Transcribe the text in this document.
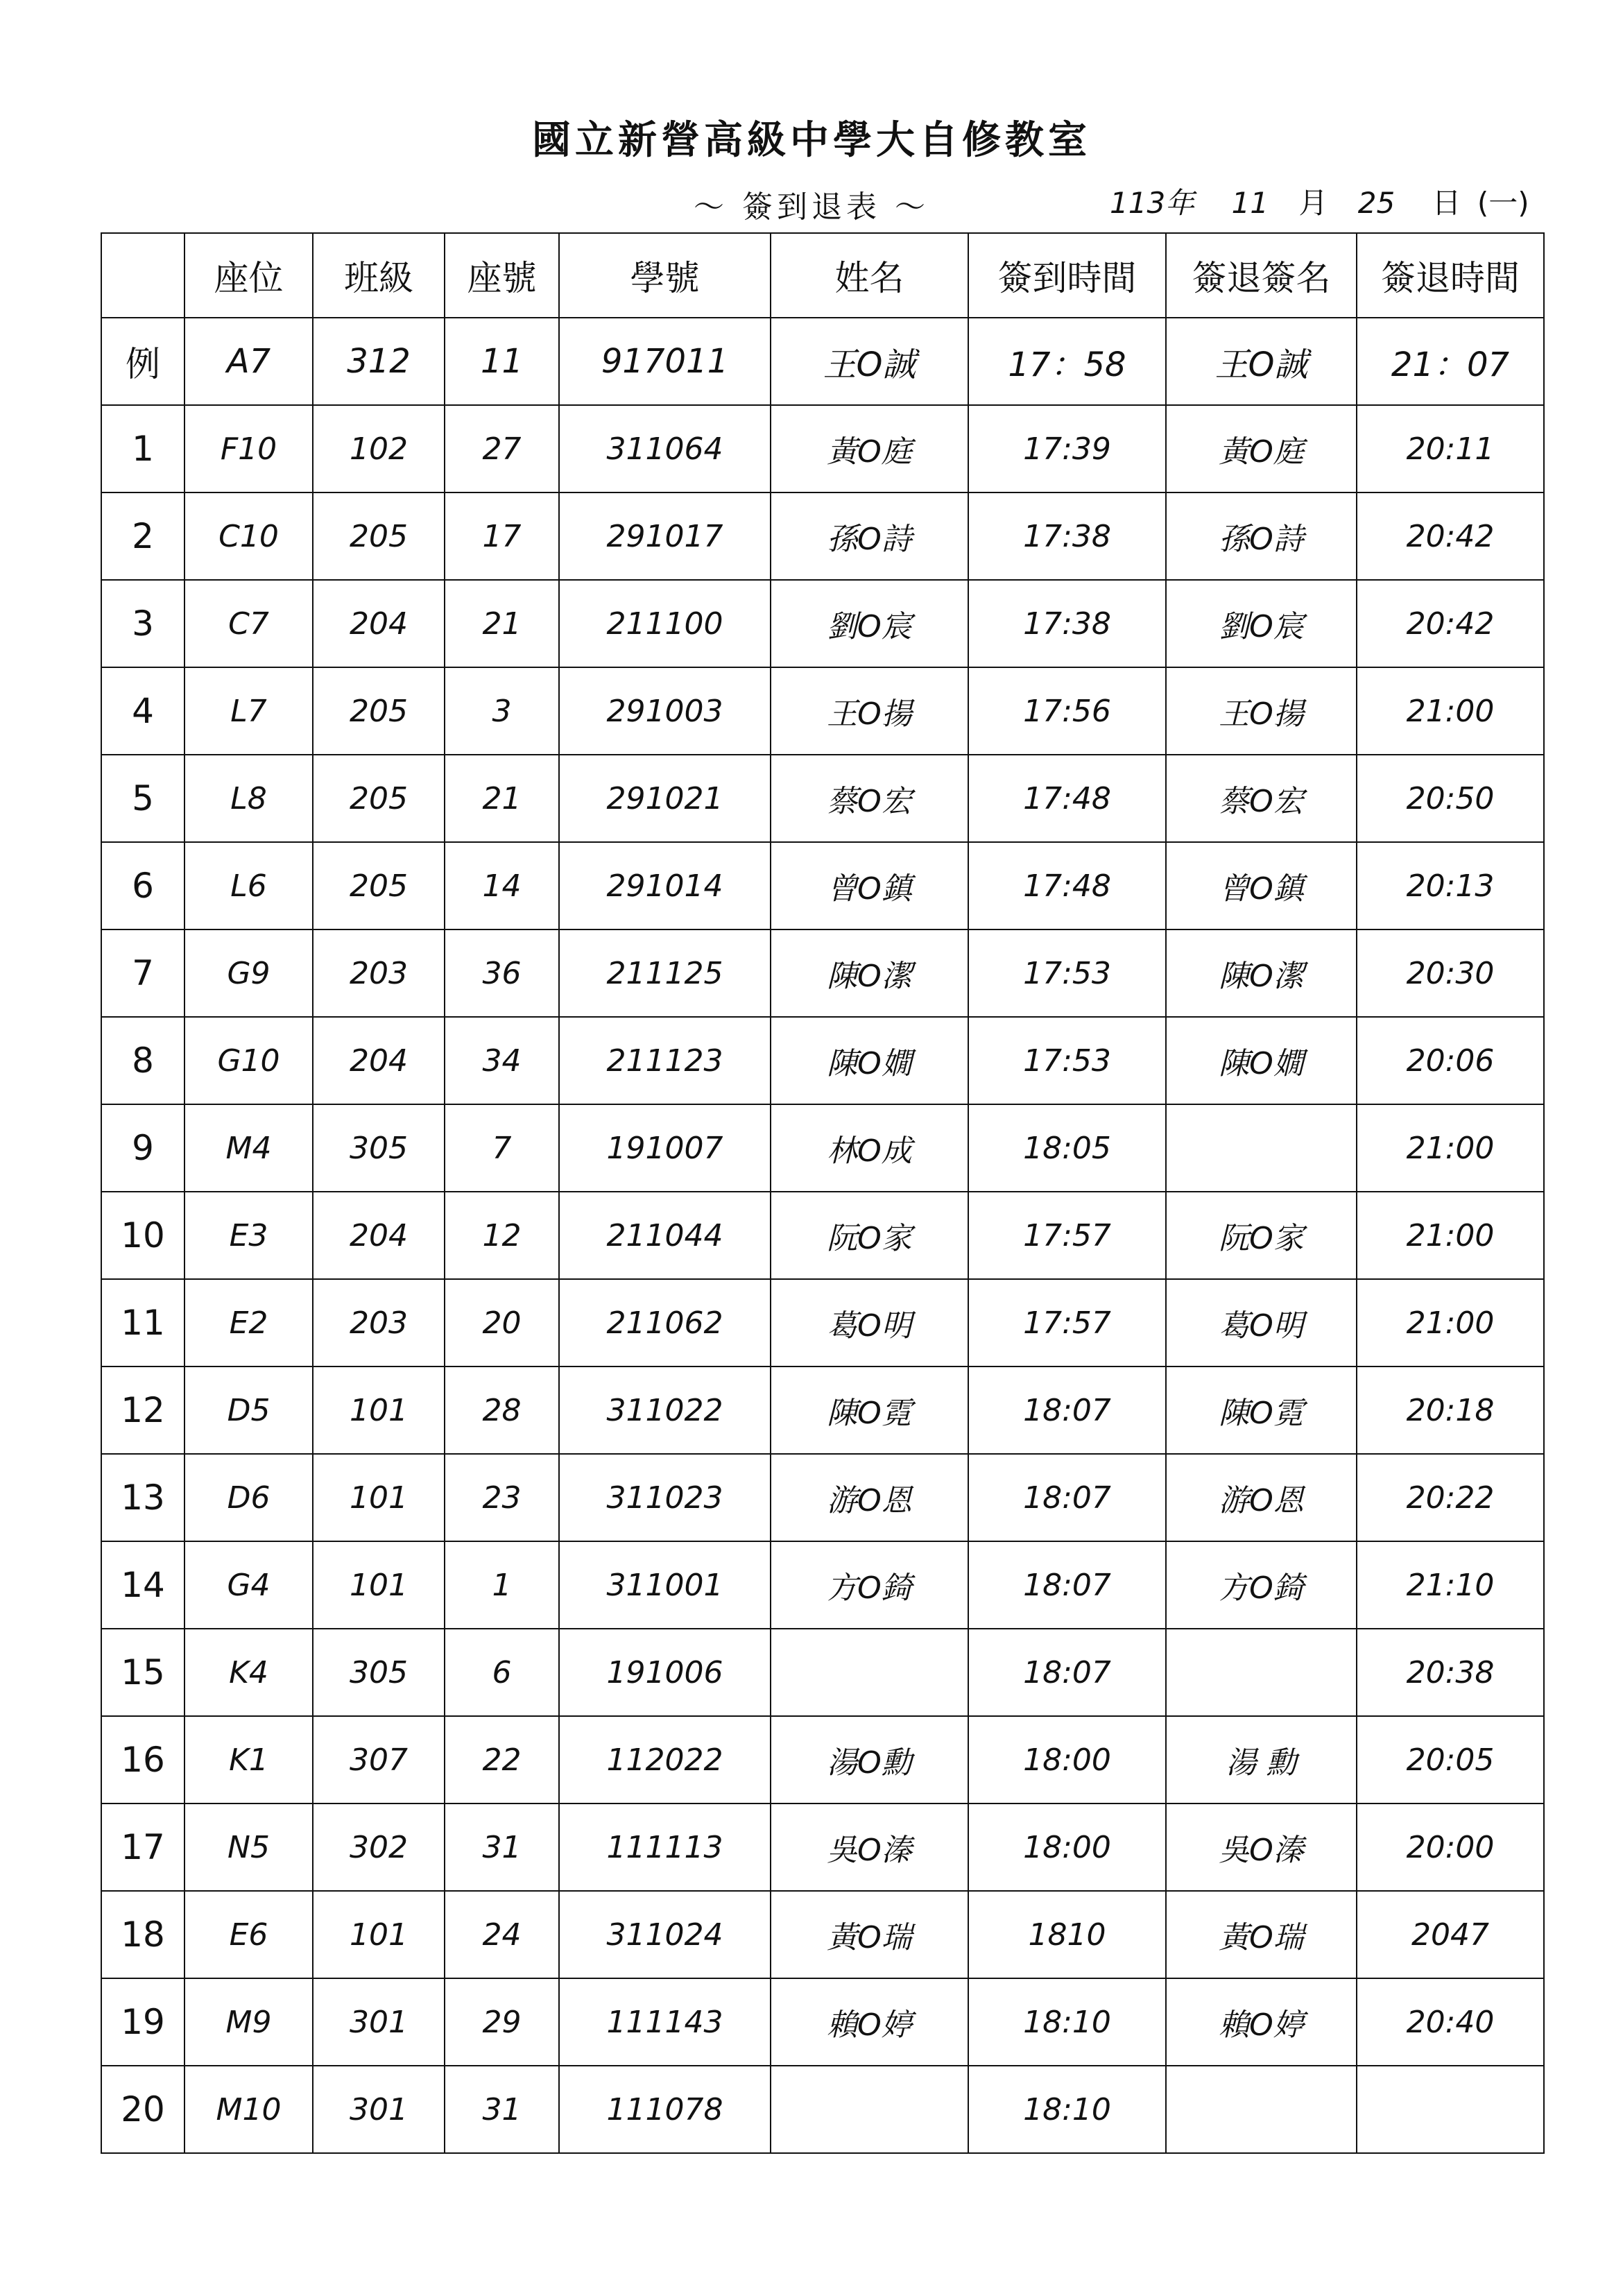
國立新營高級中學大自修教室
～ 簽到退表 ～	113年 11 月 25 日 (一)
	座位	班級	座號	學號	姓名	簽到時間	簽退簽名	簽退時間
例	A7	312	11	917011	王O誠	17：58	王O誠	21：07
1	F10	102	27	311064	黃O庭	17:39	黃O庭	20:11
2	C10	205	17	291017	孫O詩	17:38	孫O詩	20:42
3	C7	204	21	211100	劉O宸	17:38	劉O宸	20:42
4	L7	205	3	291003	王O揚	17:56	王O揚	21:00
5	L8	205	21	291021	蔡O宏	17:48	蔡O宏	20:50
6	L6	205	14	291014	曾O鎮	17:48	曾O鎮	20:13
7	G9	203	36	211125	陳O潔	17:53	陳O潔	20:30
8	G10	204	34	211123	陳O嫺	17:53	陳O嫺	20:06
9	M4	305	7	191007	林O成	18:05		21:00
10	E3	204	12	211044	阮O家	17:57	阮O家	21:00
11	E2	203	20	211062	葛O明	17:57	葛O明	21:00
12	D5	101	28	311022	陳O霓	18:07	陳O霓	20:18
13	D6	101	23	311023	游O恩	18:07	游O恩	20:22
14	G4	101	1	311001	方O錡	18:07	方O錡	21:10
15	K4	305	6	191006		18:07		20:38
16	K1	307	22	112022	湯O勳	18:00	湯 勳	20:05
17	N5	302	31	111113	吳O溱	18:00	吳O溱	20:00
18	E6	101	24	311024	黃O瑞	1810	黃O瑞	2047
19	M9	301	29	111143	賴O婷	18:10	賴O婷	20:40
20	M10	301	31	111078		18:10		
